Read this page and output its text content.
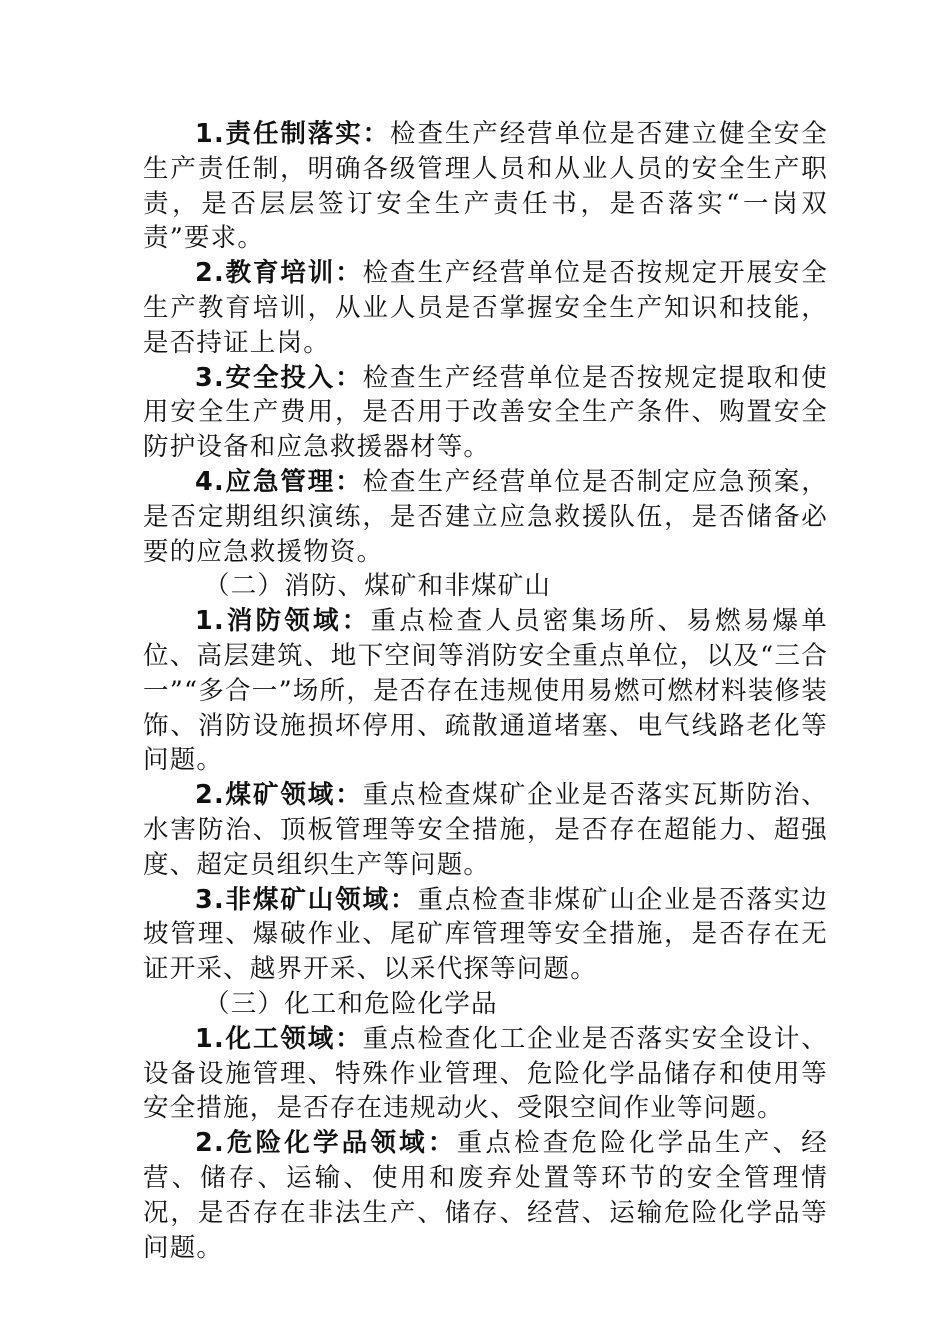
1.责任制落实：检查生产经营单位是否建立健全安全生产责任制，明确各级管理人员和从业人员的安全生产职责，是否层层签订安全生产责任书，是否落实“一岗双责”要求。

2.教育培训：检查生产经营单位是否按规定开展安全生产教育培训，从业人员是否掌握安全生产知识和技能，是否持证上岗。

3.安全投入：检查生产经营单位是否按规定提取和使用安全生产费用，是否用于改善安全生产条件、购置安全防护设备和应急救援器材等。

4.应急管理：检查生产经营单位是否制定应急预案，是否定期组织演练，是否建立应急救援队伍，是否储备必要的应急救援物资。

（二）消防、煤矿和非煤矿山

1.消防领域：重点检查人员密集场所、易燃易爆单位、高层建筑、地下空间等消防安全重点单位，以及“三合一”“多合一”场所，是否存在违规使用易燃可燃材料装修装饰、消防设施损坏停用、疏散通道堵塞、电气线路老化等问题。

2.煤矿领域：重点检查煤矿企业是否落实瓦斯防治、水害防治、顶板管理等安全措施，是否存在超能力、超强度、超定员组织生产等问题。

3.非煤矿山领域：重点检查非煤矿山企业是否落实边坡管理、爆破作业、尾矿库管理等安全措施，是否存在无证开采、越界开采、以采代探等问题。

（三）化工和危险化学品

1.化工领域：重点检查化工企业是否落实安全设计、设备设施管理、特殊作业管理、危险化学品储存和使用等安全措施，是否存在违规动火、受限空间作业等问题。

2.危险化学品领域：重点检查危险化学品生产、经营、储存、运输、使用和废弃处置等环节的安全管理情况，是否存在非法生产、储存、经营、运输危险化学品等问题。
